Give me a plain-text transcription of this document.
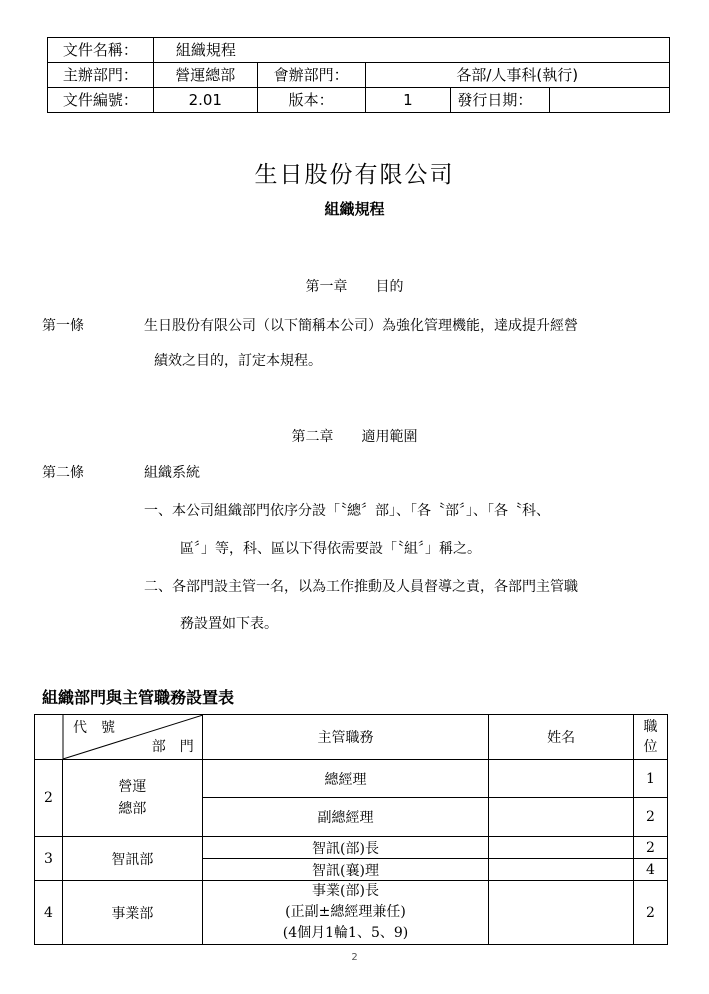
文件名稱：	組織規程				
主辦部門：	營運總部	會辦部門：	各部/人事科(執行)		
文件編號：	2.01	版本：	1	發行日期：	
生日股份有限公司
組織規程
第一章 目的
第一條	生日股份有限公司（以下簡稱本公司）為強化管理機能，達成提升經營
績效之目的，訂定本規程。
第二章 適用範圍
第二條	組織系統
一、本公司組織部門依序分設「〝總〞部」、「各〝部〞」、「各〝科、
區〞」等，科、區以下得依需要設「〝組〞」稱之。
二、各部門設主管一名，以為工作推動及人員督導之責，各部門主管職
務設置如下表。
組織部門與主管職務設置表
代　號
部　門		主管職務	姓名	職位
2	營運總部	總經理		1
		副總經理		2
3	智訊部	智訊(部)長		2
		智訊(襄)理		4
4	事業部	事業(部)長
(正副±總經理兼任)
(4個月1輪1、5、9)		2
2
